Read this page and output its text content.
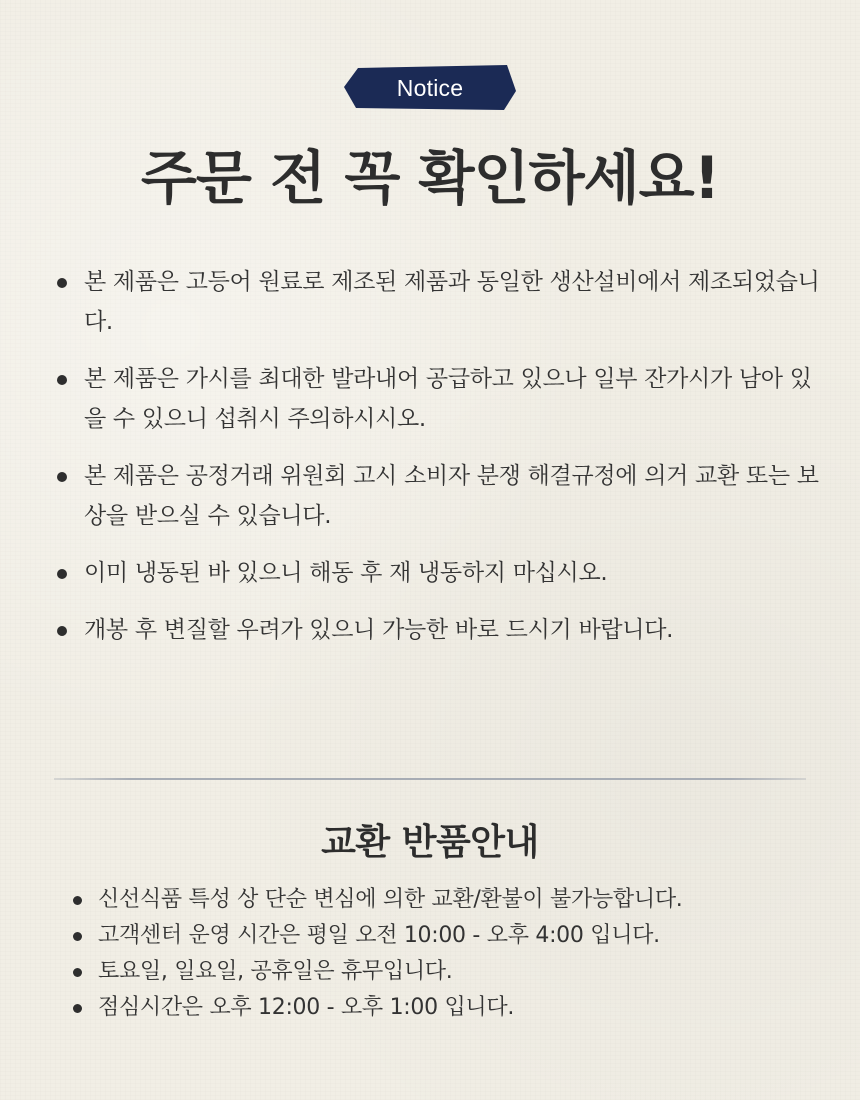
Notice
주문 전 꼭 확인하세요!
본 제품은 고등어 원료로 제조된 제품과 동일한 생산설비에서 제조되었습니다.
본 제품은 가시를 최대한 발라내어 공급하고 있으나 일부 잔가시가 남아 있을 수 있으니 섭취시 주의하시시오.
본 제품은 공정거래 위원회 고시 소비자 분쟁 해결규정에 의거 교환 또는 보상을 받으실 수 있습니다.
이미 냉동된 바 있으니 해동 후 재 냉동하지 마십시오.
개봉 후 변질할 우려가 있으니 가능한 바로 드시기 바랍니다.
교환 반품안내
신선식품 특성 상 단순 변심에 의한 교환/환불이 불가능합니다.
고객센터 운영 시간은 평일 오전 10:00 - 오후 4:00 입니다.
토요일, 일요일, 공휴일은 휴무입니다.
점심시간은 오후 12:00 - 오후 1:00 입니다.
